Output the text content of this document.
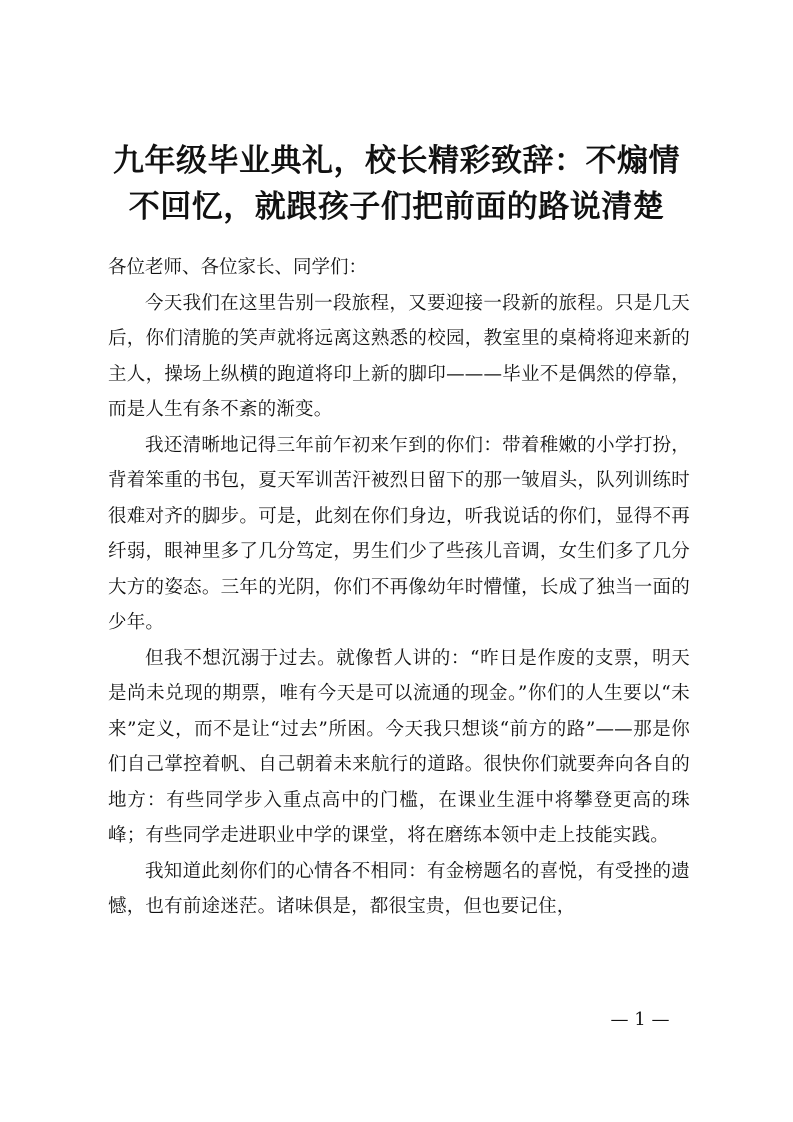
九年级毕业典礼，校长精彩致辞：不煽情
不回忆，就跟孩子们把前面的路说清楚

各位老师、各位家长、同学们：

今天我们在这里告别一段旅程，又要迎接一段新的旅程。只是几天后，你们清脆的笑声就将远离这熟悉的校园，教室里的桌椅将迎来新的主人，操场上纵横的跑道将印上新的脚印———毕业不是偶然的停靠，而是人生有条不紊的渐变。

我还清晰地记得三年前乍初来乍到的你们：带着稚嫩的小学打扮，背着笨重的书包，夏天军训苦汗被烈日留下的那一皱眉头，队列训练时很难对齐的脚步。可是，此刻在你们身边，听我说话的你们，显得不再纤弱，眼神里多了几分笃定，男生们少了些孩儿音调，女生们多了几分大方的姿态。三年的光阴，你们不再像幼年时懵懂，长成了独当一面的少年。

但我不想沉溺于过去。就像哲人讲的：“昨日是作废的支票，明天是尚未兑现的期票，唯有今天是可以流通的现金。”你们的人生要以“未来”定义，而不是让“过去”所困。今天我只想谈“前方的路”——那是你们自己掌控着帆、自己朝着未来航行的道路。很快你们就要奔向各自的地方：有些同学步入重点高中的门槛，在课业生涯中将攀登更高的珠峰；有些同学走进职业中学的课堂，将在磨练本领中走上技能实践。

我知道此刻你们的心情各不相同：有金榜题名的喜悦，有受挫的遗憾，也有前途迷茫。诸味俱是，都很宝贵，但也要记住，

— 1 —
